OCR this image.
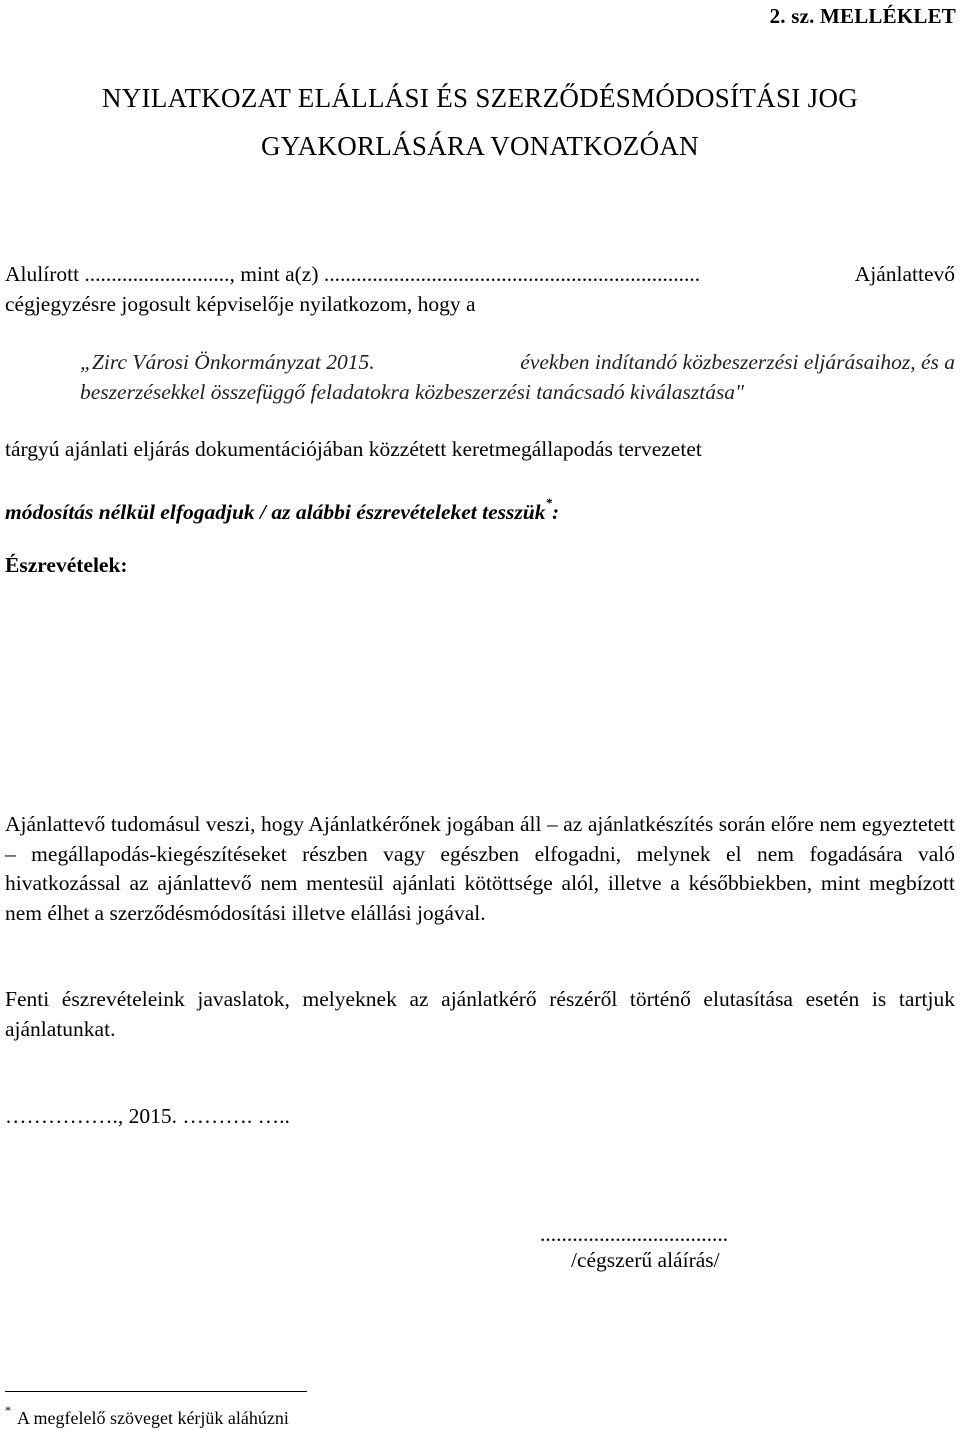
2. sz. MELLÉKLET
NYILATKOZAT ELÁLLÁSI ÉS SZERZŐDÉSMÓDOSÍTÁSI JOG
GYAKORLÁSÁRA VONATKOZÓAN
Alulírott ..........................., mint a(z) ......................................................................	Ajánlattevő
cégjegyzésre jogosult képviselője nyilatkozom, hogy a
„Zirc Városi Önkormányzat 2015.	években indítandó közbeszerzési eljárásaihoz, és a
beszerzésekkel összefüggő feladatokra közbeszerzési tanácsadó kiválasztása"
tárgyú ajánlati eljárás dokumentációjában közzétett keretmegállapodás tervezetet
módosítás nélkül elfogadjuk / az alábbi észrevételeket tesszük*:
Észrevételek:
Ajánlattevő tudomásul veszi, hogy Ajánlatkérőnek jogában áll – az ajánlatkészítés során előre nem egyeztetett – megállapodás-kiegészítéseket részben vagy egészben elfogadni, melynek el nem fogadására való hivatkozással az ajánlattevő nem mentesül ajánlati kötöttsége alól, illetve a későbbiekben, mint megbízott nem élhet a szerződésmódosítási illetve elállási jogával.
Fenti észrevételeink javaslatok, melyeknek az ajánlatkérő részéről történő elutasítása esetén is tartjuk ajánlatunkat.
……………., 2015. ………. …..
...................................
/cégszerű aláírás/
* A megfelelő szöveget kérjük aláhúzni
